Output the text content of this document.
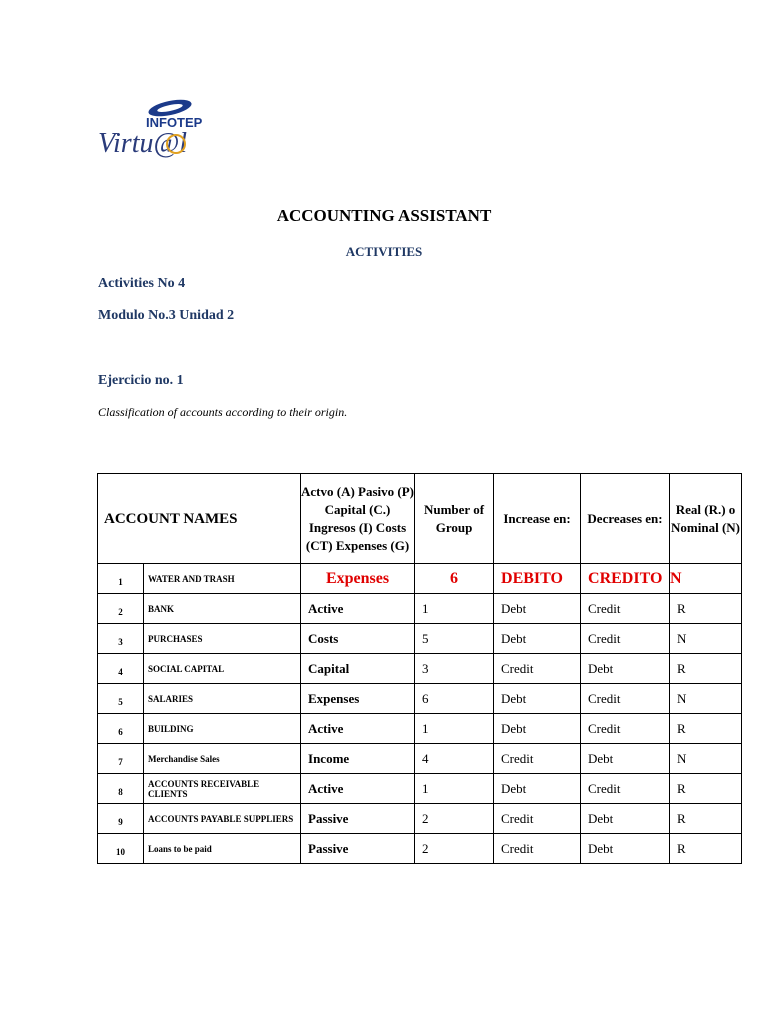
INFOTEP
Virtu@l
ACCOUNTING ASSISTANT
ACTIVITIES
Activities No 4
Modulo No.3 Unidad 2
Ejercicio no. 1
Classification of accounts according to their origin.
ACCOUNT NAMES		Actvo (A) Pasivo (P) Capital (C.) Ingresos (I) Costs (CT) Expenses (G)	Number of Group	Increase en:	Decreases en:	Real (R.) o Nominal (N)
1	WATER AND TRASH	Expenses	6	DEBITO	CREDITO	N
2	BANK	Active	1	Debt	Credit	R
3	PURCHASES	Costs	5	Debt	Credit	N
4	SOCIAL CAPITAL	Capital	3	Credit	Debt	R
5	SALARIES	Expenses	6	Debt	Credit	N
6	BUILDING	Active	1	Debt	Credit	R
7	Merchandise Sales	Income	4	Credit	Debt	N
8	ACCOUNTS RECEIVABLE CLIENTS	Active	1	Debt	Credit	R
9	ACCOUNTS PAYABLE SUPPLIERS	Passive	2	Credit	Debt	R
10	Loans to be paid	Passive	2	Credit	Debt	R
